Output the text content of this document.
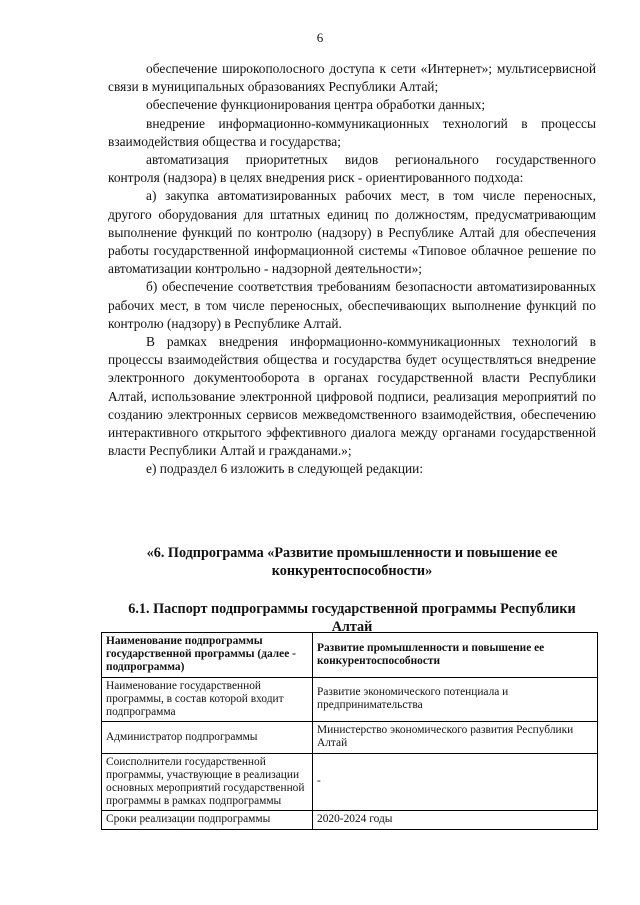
6

обеспечение широкополосного доступа к сети «Интернет»; мультисервисной связи в муниципальных образованиях Республики Алтай;

обеспечение функционирования центра обработки данных;

внедрение информационно-коммуникационных технологий в процессы взаимодействия общества и государства;

автоматизация приоритетных видов регионального государственного контроля (надзора) в целях внедрения риск - ориентированного подхода:

а) закупка автоматизированных рабочих мест, в том числе переносных, другого оборудования для штатных единиц по должностям, предусматривающим выполнение функций по контролю (надзору) в Республике Алтай для обеспечения работы государственной информационной системы «Типовое облачное решение по автоматизации контрольно - надзорной деятельности»;

б) обеспечение соответствия требованиям безопасности автоматизированных рабочих мест, в том числе переносных, обеспечивающих выполнение функций по контролю (надзору) в Республике Алтай.

В рамках внедрения информационно-коммуникационных технологий в процессы взаимодействия общества и государства будет осуществляться внедрение электронного документооборота в органах государственной власти Республики Алтай, использование электронной цифровой подписи, реализация мероприятий по созданию электронных сервисов межведомственного взаимодействия, обеспечению интерактивного открытого эффективного диалога между органами государственной власти Республики Алтай и гражданами.»;

е) подраздел 6 изложить в следующей редакции:

«6. Подпрограмма «Развитие промышленности и повышение ее конкурентоспособности»
6.1. Паспорт подпрограммы государственной программы Республики Алтай
Наименование подпрограммы государственной программы (далее - подпрограмма)	Развитие промышленности и повышение ее конкурентоспособности
Наименование государственной программы, в состав которой входит подпрограмма	Развитие экономического потенциала и предпринимательства
Администратор подпрограммы	Министерство экономического развития Республики Алтай
Соисполнители государственной программы, участвующие в реализации основных мероприятий государственной программы в рамках подпрограммы	-
Сроки реализации подпрограммы	2020-2024 годы
